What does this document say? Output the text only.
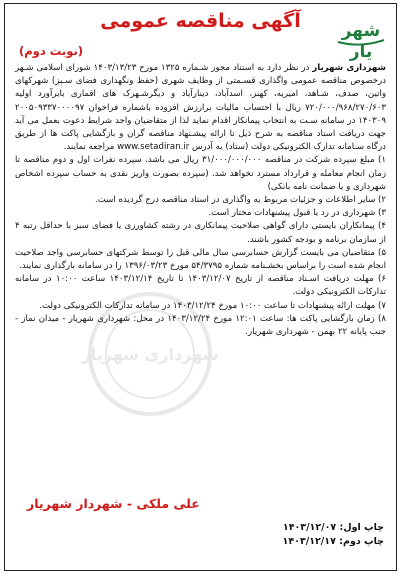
شهر
یار
آگهی مناقصه عمومی
(نوبت دوم)
شهرداری شهریار

شهرداری شهریار در نظر دارد به استناد مجوز شـماره ۱۳۲۵ مورخ ۱۴۰۳/۱۳/۲۳ شورای اسلامی شـهر درخصوص مناقصه عمومی واگذاری قسـمتی از وظایف شهری (حفظ ونگهداری فضای سـبز) شهرکهای واتین، صدف، شـاهد، امیریه، کهنز، اسدآباد، دینارآباد و دیگرشـهرک های اقماری بابرآورد اولیه ۷۲۰/۰۰۰/۹۶۸/۲۷۰/۶۰۳ ریال با احتساب مالیات برارزش افزوده باشماره فراخوان ۲۰۰۵۰۹۳۳۷۰۰۰۰۹۷ ۱۴۰۳۰۹ در سامانه سـت به انتخاب پیمانکار اقدام نماید لذا از متقاضیان واجد شرایط دعوت بعمل می آید جهت دریافت اسناد مناقصه به شرح ذیل تا ارائه پیشـنهاد مناقصه گران و بازگشایی پاکت ها از طریق درگاه سـامانه تدارک الکترونیکی دولت (ستاد) به آدرس www.setadiran.ir مراجعه نمایند.

۱) مبلغ سپرده شرکت در مناقصه ۳۱/۰۰۰/۰۰۰/۰۰۰ ریال می باشد. سپرده نفرات اول و دوم مناقصه تا زمان انجام معامله و قرارداد مسترد نخواهد شد. (سپرده بصورت واریز نقدی به حساب سپرده اشخاص شهرداری و یا ضمانت نامه بانکی)

۲) سایر اطلاعات و جزئیات مربوط به واگذاری در اسناد مناقصه درج گردیده است.

۳) شهرداری در رد یا قبول پیشنهادات مختار است.

۴) پیمانکاران بایستی دارای گواهی صلاحیت پیمانکاری در رشته کشاورزی یا فضای سبز با حداقل رتبه ۴ از سازمان برنامه و بودجه کشور باشند.

۵) متقاضیان می بایست گزارش حسابرسی سال مالی قبل را توسط شرکتهای حسابرسی واجد صلاحیت انجام شده است را براساس بخشـنامه شماره ۵۴/۳۷۹۵ مورخ ۱۳۹۶/۰۳/۲۳ را در سامانه بارگذاری نمایند.

۶) مهلت دریافت اسـناد مناقصه از تاریخ ۱۴۰۳/۱۲/۰۷ تا تاریخ ۱۴۰۳/۱۲/۱۴ ساعت ۱۰:۰۰ در سامانه تدارکات الکترونیکی دولت.

۷) مهلت ارائه پیشنهادات تا ساعت ۱۰:۰۰ مورخ ۱۴۰۳/۱۲/۲۴ در سامانه تدارکات الکترونیکی دولت.

۸) زمان بازگشایی پاکت ها: ساعت ۱۲:۰۱ مورخ ۱۴۰۳/۱۲/۲۴ در محل: شهرداری شهریار - میدان نماز - جنب پایانه ۲۲ بهمن - شهرداری شهریار.

علی ملکی - شهردار شهریار
چاپ اول: ۱۴۰۳/۱۲/۰۷
چاپ دوم: ۱۴۰۳/۱۲/۱۷
